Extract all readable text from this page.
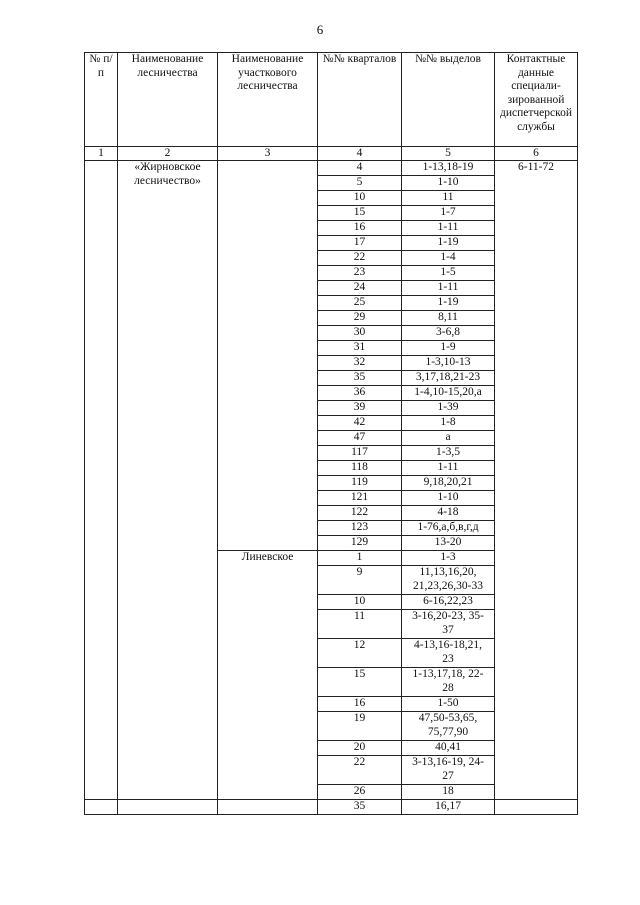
6
№ п/п	Наименование лесничества	Наименование участкового лесничества	№№ кварталов	№№ выделов	Контактные данные специали-зированной диспетчерской службы
1	2	3	4	5	6
	«Жирновское лесничество»		4	1-13,18-19	6-11-72
			5	1-10	
			10	11	
			15	1-7	
			16	1-11	
			17	1-19	
			22	1-4	
			23	1-5	
			24	1-11	
			25	1-19	
			29	8,11	
			30	3-6,8	
			31	1-9	
			32	1-3,10-13	
			35	3,17,18,21-23	
			36	1-4,10-15,20,а	
			39	1-39	
			42	1-8	
			47	а	
			117	1-3,5	
			118	1-11	
			119	9,18,20,21	
			121	1-10	
			122	4-18	
			123	1-76,а,б,в,г,д	
			129	13-20	
		Линевское	1	1-3	
			9	11,13,16,20,
21,23,26,30-33	
			10	6-16,22,23	
			11	3-16,20-23, 35-
37	
			12	4-13,16-18,21,
23	
			15	1-13,17,18, 22-
28	
			16	1-50	
			19	47,50-53,65,
75,77,90	
			20	40,41	
			22	3-13,16-19, 24-
27	
			26	18	
			35	16,17	
